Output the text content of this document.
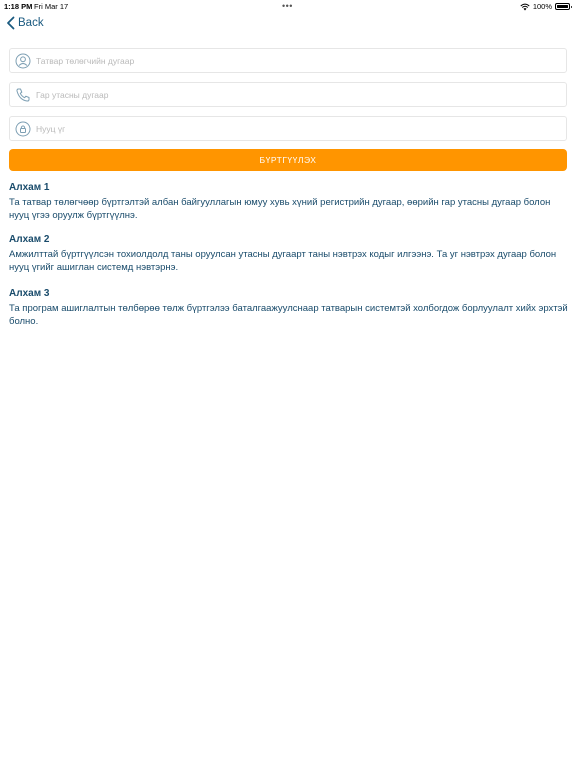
1:18 PM Fri Mar 17	•••	100%
Back
Татвар төлөгчийн дугаар
Гар утасны дугаар
БҮРТГҮҮЛЭХ
Алхам 1

Та татвар төлөгчөөр бүртгэлтэй албан байгууллагын юмуу хувь хүний регистрийн дугаар, өөрийн гар утасны дугаар болон нууц үгээ оруулж бүртгүүлнэ.

Алхам 2

Амжилттай бүртгүүлсэн тохиолдолд таны оруулсан утасны дугаарт таны нэвтрэх кодыг илгээнэ. Та уг нэвтрэх дугаар болон нууц үгийг ашиглан системд нэвтэрнэ.

Алхам 3

Та програм ашиглалтын төлбөрөө төлж бүртгэлээ баталгаажуулснаар татварын системтэй холбогдож борлуулалт хийх эрхтэй болно.
